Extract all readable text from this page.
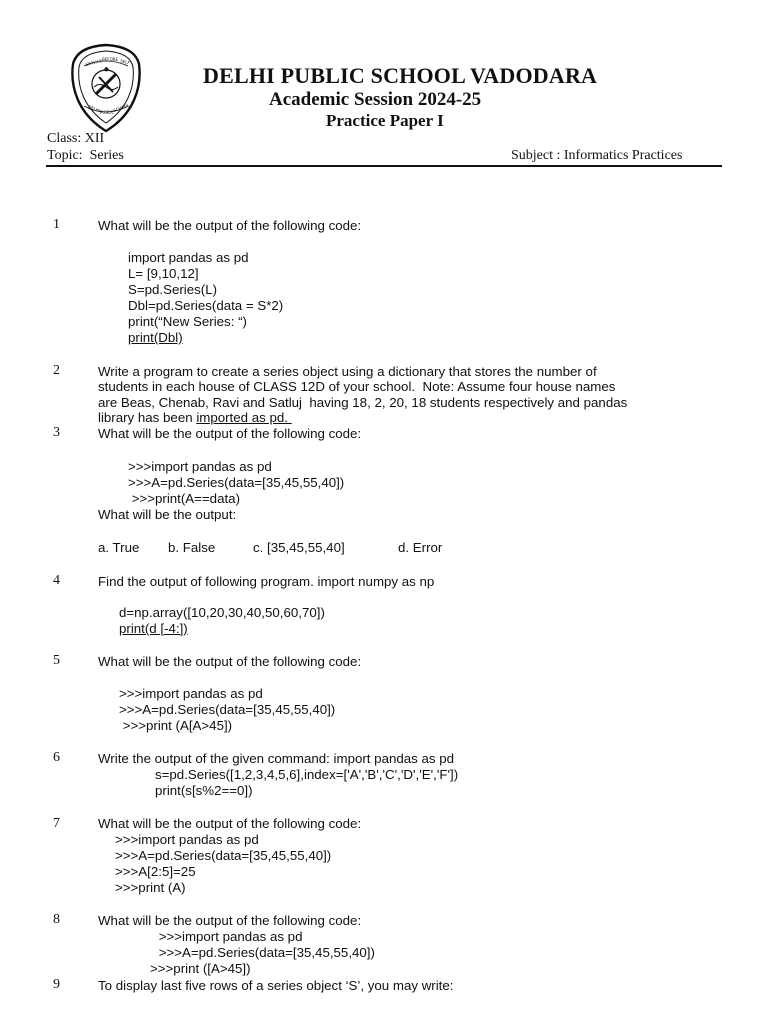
SERVICE BEFORE SELF
DELHI PUBLIC
SCHOOL
DELHI PUBLIC SCHOOL VADODARA
Academic Session 2024-25
Practice Paper I
Class: XII
Topic:  Series	Subject : Informatics Practices
1	What will be the output of the following code:
import pandas as pd
L= [9,10,12]
S=pd.Series(L)
Dbl=pd.Series(data = S*2)
print(“New Series: “)
print(Dbl)
2	Write a program to create a series object using a dictionary that stores the number of
students in each house of CLASS 12D of your school.  Note: Assume four house names
are Beas, Chenab, Ravi and Satluj  having 18, 2, 20, 18 students respectively and pandas
library has been imported as pd.
3	What will be the output of the following code:
>>>import pandas as pd
>>>A=pd.Series(data=[35,45,55,40])
>>>print(A==data)
What will be the output:
a. True b. False	c. [35,45,55,40]	d. Error
4	Find the output of following program. import numpy as np
d=np.array([10,20,30,40,50,60,70])
print(d [-4:])
5	What will be the output of the following code:
>>>import pandas as pd
>>>A=pd.Series(data=[35,45,55,40])
>>>print (A[A>45])
6	Write the output of the given command: import pandas as pd
s=pd.Series([1,2,3,4,5,6],index=['A','B','C','D','E','F'])
print(s[s%2==0])
7	What will be the output of the following code:
>>>import pandas as pd
>>>A=pd.Series(data=[35,45,55,40])
>>>A[2:5]=25
>>>print (A)
8	What will be the output of the following code:
>>>import pandas as pd
>>>A=pd.Series(data=[35,45,55,40])
>>>print ([A>45])
9	To display last five rows of a series object ‘S’, you may write:
